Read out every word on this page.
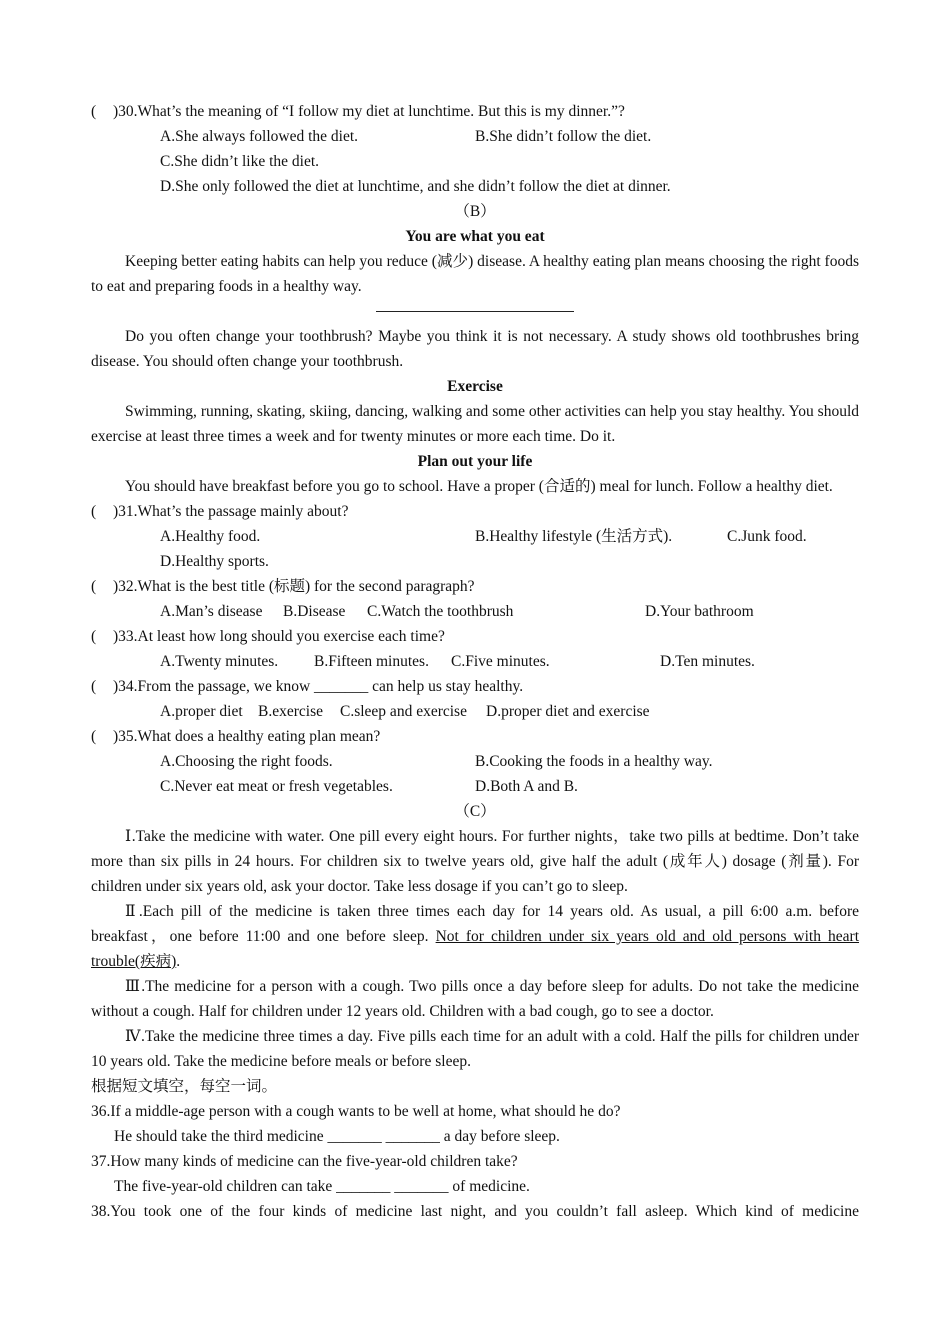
(	)30.What’s the meaning of “I follow my diet at lunchtime. But this is my dinner.”?
A.She always followed the diet.	B.She didn’t follow the diet.
C.She didn’t like the diet.
D.She only followed the diet at lunchtime, and she didn’t follow the diet at dinner.
（B）
You are what you eat
Keeping better eating habits can help you reduce (减少) disease. A healthy eating plan means choosing the right foods to eat and preparing foods in a healthy way.
Do you often change your toothbrush? Maybe you think it is not necessary. A study shows old toothbrushes bring disease. You should often change your toothbrush.
Exercise
Swimming, running, skating, skiing, dancing, walking and some other activities can help you stay healthy. You should exercise at least three times a week and for twenty minutes or more each time. Do it.
Plan out your life
You should have breakfast before you go to school. Have a proper (合适的) meal for lunch. Follow a healthy diet.
(	)31.What’s the passage mainly about?
A.Healthy food.	B.Healthy lifestyle (生活方式).	C.Junk food.
D.Healthy sports.
(	)32.What is the best title (标题) for the second paragraph?
A.Man’s disease	B.Disease	C.Watch the toothbrush	D.Your bathroom
(	)33.At least how long should you exercise each time?
A.Twenty minutes.	B.Fifteen minutes.	C.Five minutes.	D.Ten minutes.
(	)34.From the passage, we know _______ can help us stay healthy.
A.proper diet B.exercise	C.sleep and exercise	D.proper diet and exercise
(	)35.What does a healthy eating plan mean?
A.Choosing the right foods.	B.Cooking the foods in a healthy way.
C.Never eat meat or fresh vegetables.	D.Both A and B.
（C）
Ⅰ.Take the medicine with water. One pill every eight hours. For further nights，take two pills at bedtime. Don’t take more than six pills in 24 hours. For children six to twelve years old, give half the adult (成年人) dosage (剂量). For children under six years old, ask your doctor. Take less dosage if you can’t go to sleep.
Ⅱ.Each pill of the medicine is taken three times each day for 14 years old. As usual, a pill 6:00 a.m. before breakfast，one before 11:00 and one before sleep. Not for children under six years old and old persons with heart trouble(疾病).
Ⅲ.The medicine for a person with a cough. Two pills once a day before sleep for adults. Do not take the medicine without a cough. Half for children under 12 years old. Children with a bad cough, go to see a doctor.
Ⅳ.Take the medicine three times a day. Five pills each time for an adult with a cold. Half the pills for children under 10 years old. Take the medicine before meals or before sleep.
根据短文填空，每空一词。
36.If a middle-age person with a cough wants to be well at home, what should he do?
He should take the third medicine _______ _______ a day before sleep.
37.How many kinds of medicine can the five-year-old children take?
The five-year-old children can take _______ _______ of medicine.
38.You took one of the four kinds of medicine last night, and you couldn’t fall asleep. Which kind of medicine
